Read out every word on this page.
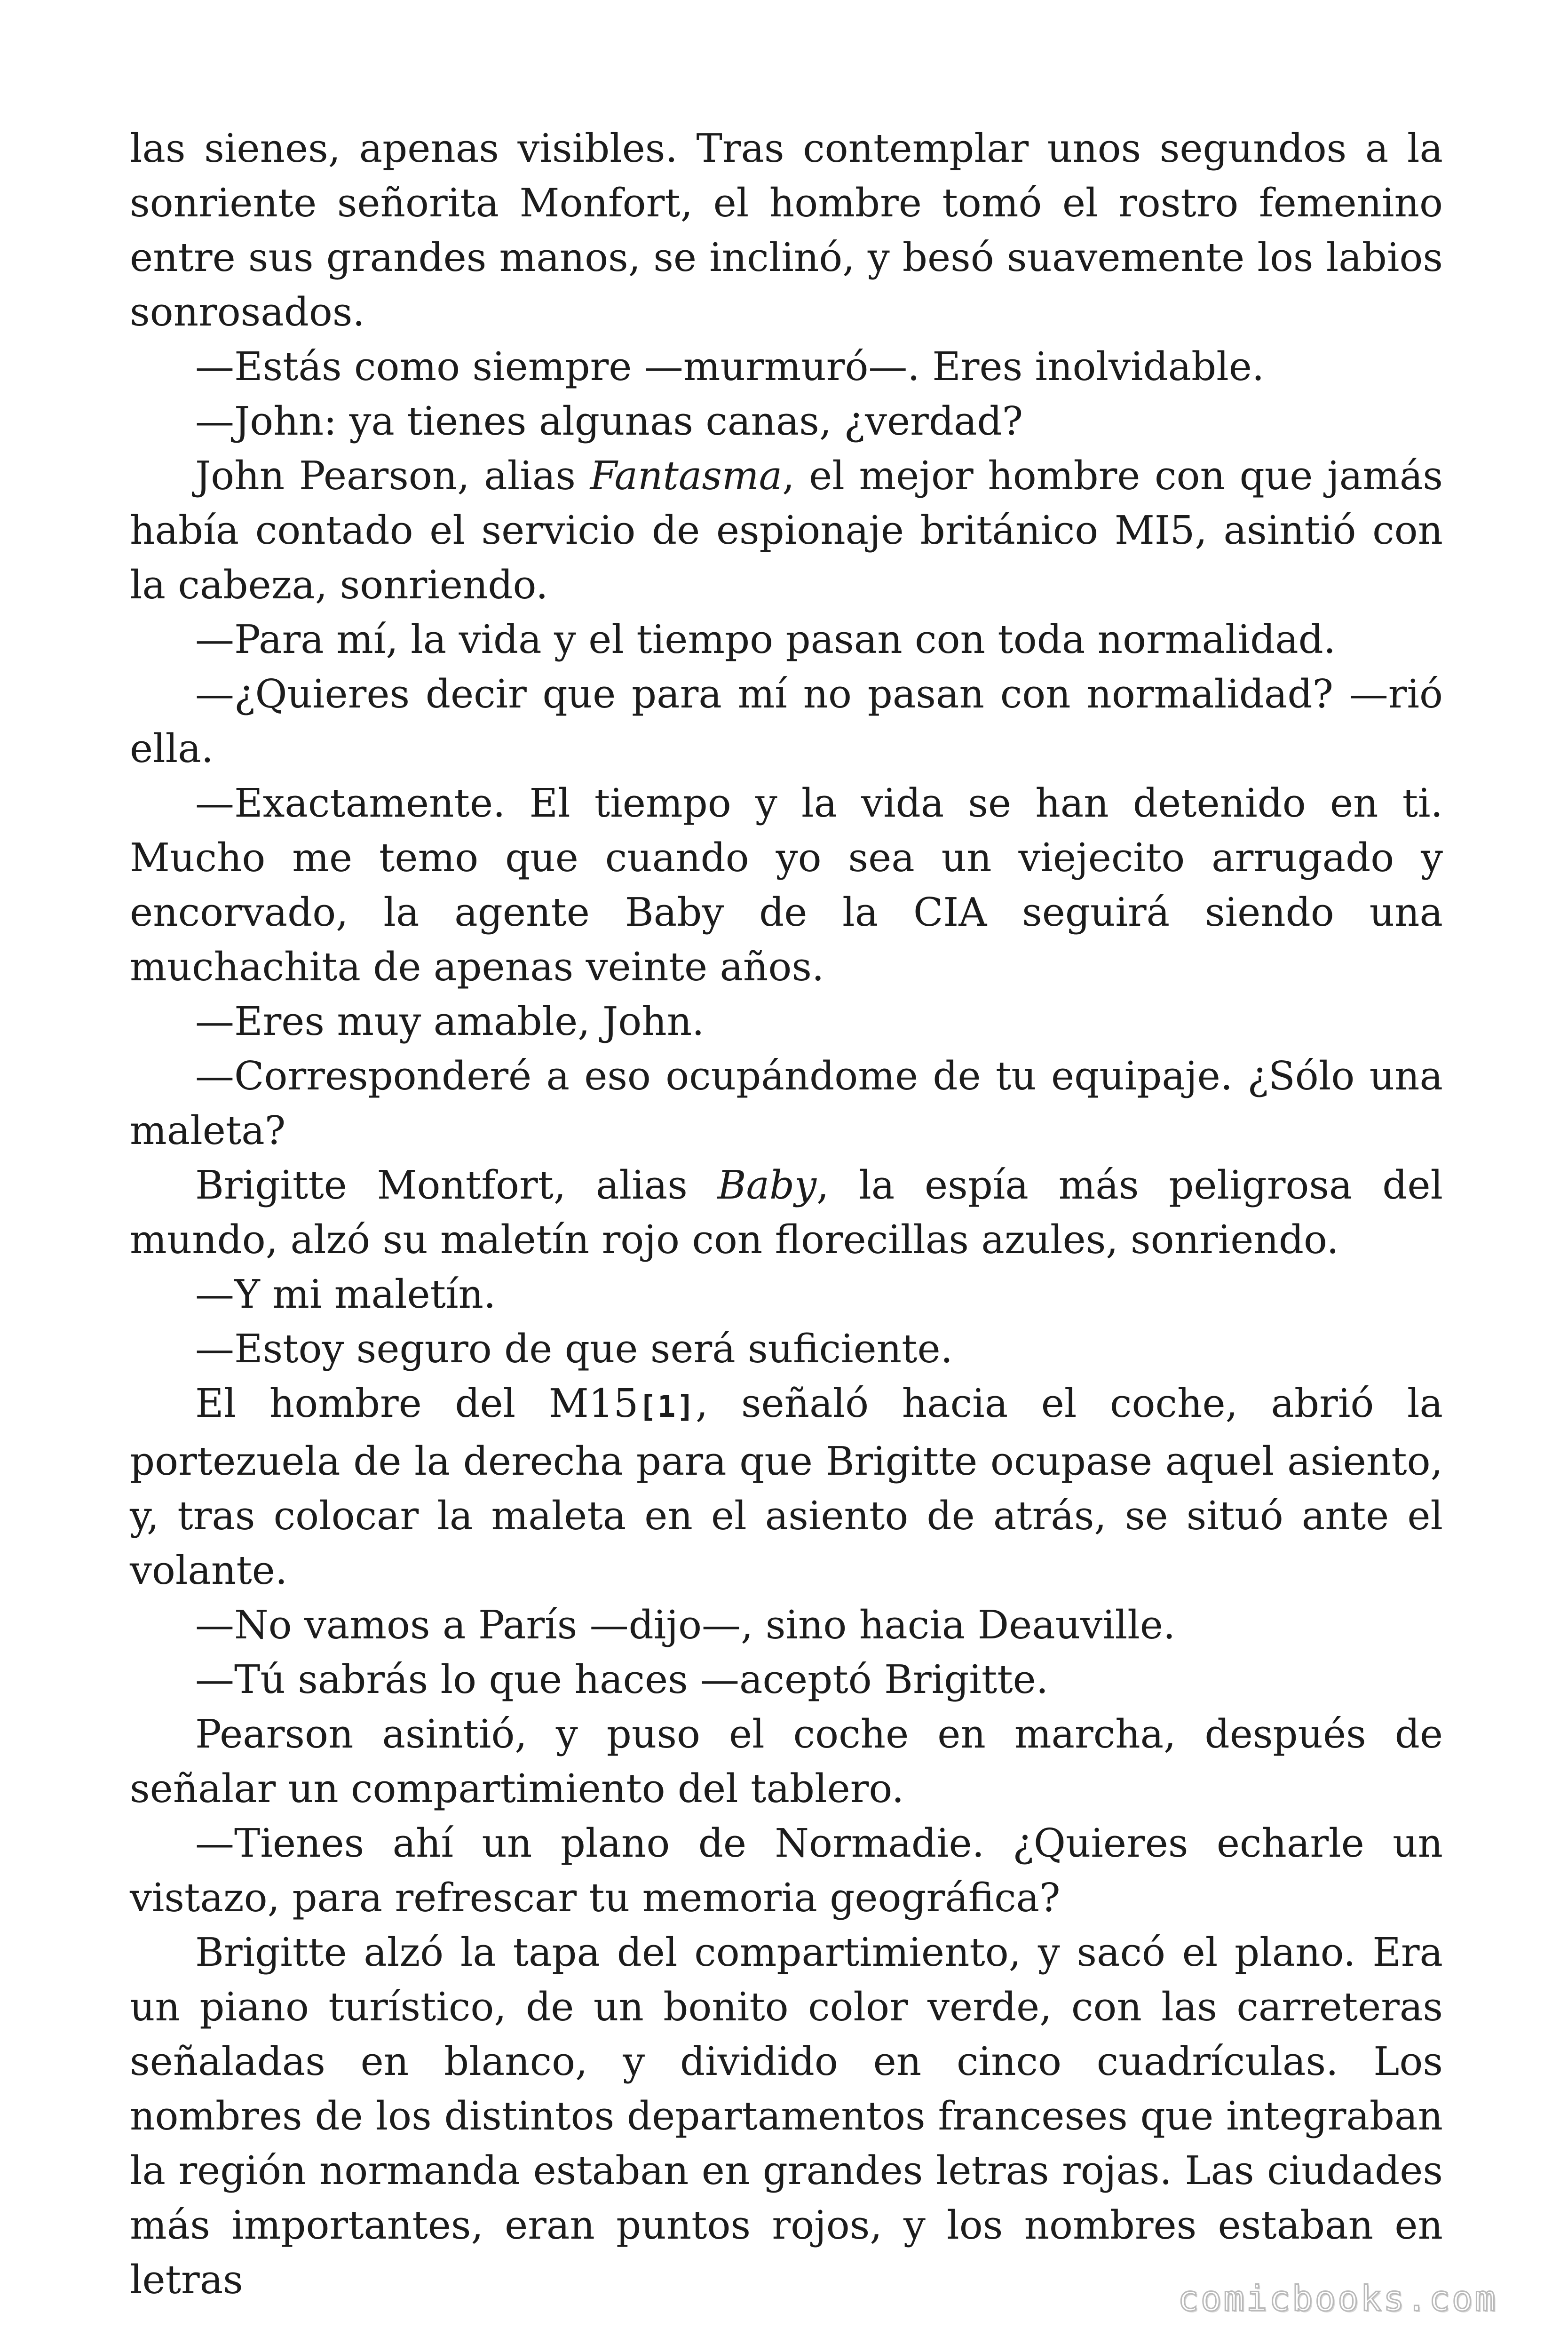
las sienes, apenas visibles. Tras contemplar unos segundos a la sonriente señorita Monfort, el hombre tomó el rostro femenino entre sus grandes manos, se inclinó, y besó suavemente los labios sonrosados.

—Estás como siempre —murmuró—. Eres inolvidable.

—John: ya tienes algunas canas, ¿verdad?

John Pearson, alias Fantasma, el mejor hombre con que jamás había contado el servicio de espionaje británico MI5, asintió con la cabeza, sonriendo.

—Para mí, la vida y el tiempo pasan con toda normalidad.

—¿Quieres decir que para mí no pasan con normalidad? —rió ella.

—Exactamente. El tiempo y la vida se han detenido en ti. Mucho me temo que cuando yo sea un viejecito arrugado y encorvado, la agente Baby de la CIA seguirá siendo una muchachita de apenas veinte años.

—Eres muy amable, John.

—Corresponderé a eso ocupándome de tu equipaje. ¿Sólo una maleta?

Brigitte Montfort, alias Baby, la espía más peligrosa del mundo, alzó su maletín rojo con florecillas azules, sonriendo.

—Y mi maletín.

—Estoy seguro de que será suficiente.

El hombre del M15[1], señaló hacia el coche, abrió la portezuela de la derecha para que Brigitte ocupase aquel asiento, y, tras colocar la maleta en el asiento de atrás, se situó ante el volante.

—No vamos a París —dijo—, sino hacia Deauville.

—Tú sabrás lo que haces —aceptó Brigitte.

Pearson asintió, y puso el coche en marcha, después de señalar un compartimiento del tablero.

—Tienes ahí un plano de Normadie. ¿Quieres echarle un vistazo, para refrescar tu memoria geográfica?

Brigitte alzó la tapa del compartimiento, y sacó el plano. Era un piano turístico, de un bonito color verde, con las carreteras señaladas en blanco, y dividido en cinco cuadrículas. Los nombres de los distintos departamentos franceses que integraban la región normanda estaban en grandes letras rojas. Las ciudades más importantes, eran puntos rojos, y los nombres estaban en letras	comicbooks.com
